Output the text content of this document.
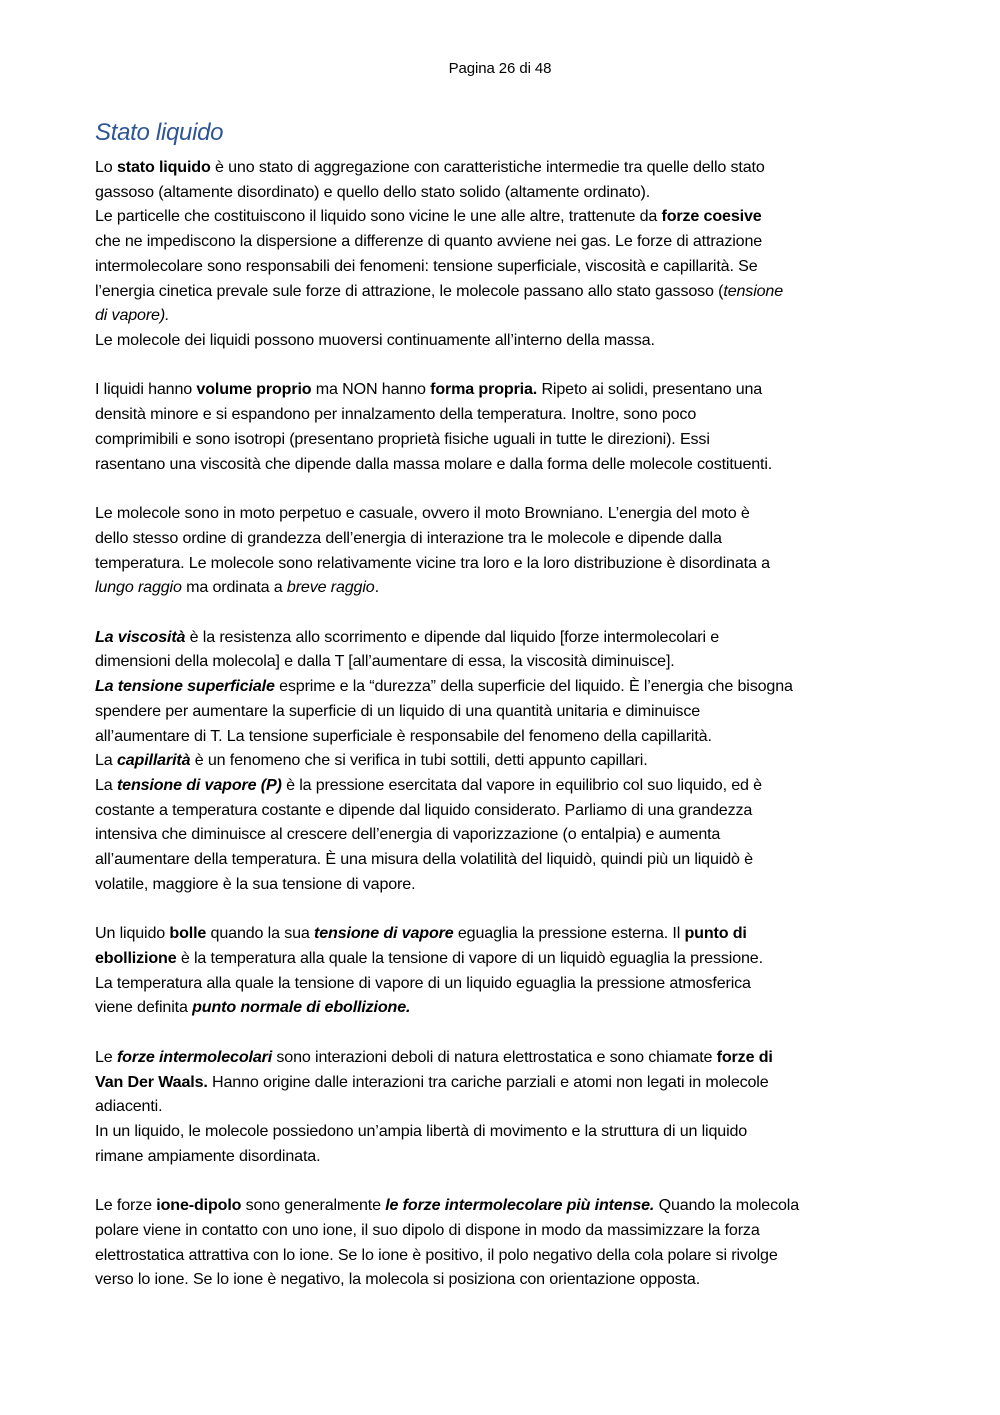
Pagina 26 di 48
Stato liquido
Lo stato liquido è uno stato di aggregazione con caratteristiche intermedie tra quelle dello stato
gassoso (altamente disordinato) e quello dello stato solido (altamente ordinato).
Le particelle che costituiscono il liquido sono vicine le une alle altre, trattenute da forze coesive
che ne impediscono la dispersione a differenze di quanto avviene nei gas. Le forze di attrazione
intermolecolare sono responsabili dei fenomeni: tensione superficiale, viscosità e capillarità. Se
l’energia cinetica prevale sule forze di attrazione, le molecole passano allo stato gassoso (tensione
di vapore).
Le molecole dei liquidi possono muoversi continuamente all’interno della massa.
I liquidi hanno volume proprio ma NON hanno forma propria. Ripeto ai solidi, presentano una
densità minore e si espandono per innalzamento della temperatura. Inoltre, sono poco
comprimibili e sono isotropi (presentano proprietà fisiche uguali in tutte le direzioni). Essi
rasentano una viscosità che dipende dalla massa molare e dalla forma delle molecole costituenti.
Le molecole sono in moto perpetuo e casuale, ovvero il moto Browniano. L’energia del moto è
dello stesso ordine di grandezza dell’energia di interazione tra le molecole e dipende dalla
temperatura. Le molecole sono relativamente vicine tra loro e la loro distribuzione è disordinata a
lungo raggio ma ordinata a breve raggio.
La viscosità è la resistenza allo scorrimento e dipende dal liquido [forze intermolecolari e
dimensioni della molecola] e dalla T [all’aumentare di essa, la viscosità diminuisce].
La tensione superficiale esprime e la “durezza” della superficie del liquido. È l’energia che bisogna
spendere per aumentare la superficie di un liquido di una quantità unitaria e diminuisce
all’aumentare di T. La tensione superficiale è responsabile del fenomeno della capillarità.
La capillarità è un fenomeno che si verifica in tubi sottili, detti appunto capillari.
La tensione di vapore (P) è la pressione esercitata dal vapore in equilibrio col suo liquido, ed è
costante a temperatura costante e dipende dal liquido considerato. Parliamo di una grandezza
intensiva che diminuisce al crescere dell’energia di vaporizzazione (o entalpia) e aumenta
all’aumentare della temperatura. È una misura della volatilità del liquidò, quindi più un liquidò è
volatile, maggiore è la sua tensione di vapore.
Un liquido bolle quando la sua tensione di vapore eguaglia la pressione esterna. Il punto di
ebollizione è la temperatura alla quale la tensione di vapore di un liquidò eguaglia la pressione.
La temperatura alla quale la tensione di vapore di un liquido eguaglia la pressione atmosferica
viene definita punto normale di ebollizione.
Le forze intermolecolari sono interazioni deboli di natura elettrostatica e sono chiamate forze di
Van Der Waals. Hanno origine dalle interazioni tra cariche parziali e atomi non legati in molecole
adiacenti.
In un liquido, le molecole possiedono un’ampia libertà di movimento e la struttura di un liquido
rimane ampiamente disordinata.
Le forze ione-dipolo sono generalmente le forze intermolecolare più intense. Quando la molecola
polare viene in contatto con uno ione, il suo dipolo di dispone in modo da massimizzare la forza
elettrostatica attrattiva con lo ione. Se lo ione è positivo, il polo negativo della cola polare si rivolge
verso lo ione. Se lo ione è negativo, la molecola si posiziona con orientazione opposta.
